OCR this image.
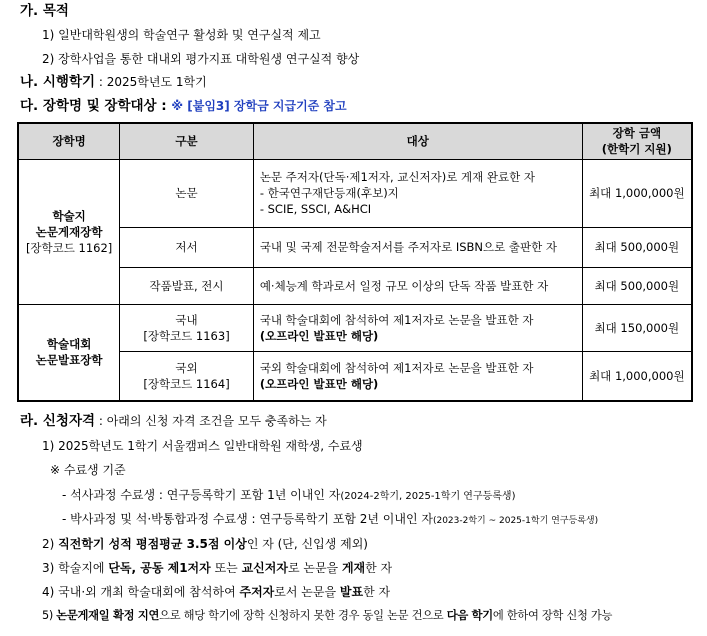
가. 목적
1) 일반대학원생의 학술연구 활성화 및 연구실적 제고
2) 장학사업을 통한 대내외 평가지표 대학원생 연구실적 향상
나. 시행학기 : 2025학년도 1학기
다. 장학명 및 장학대상 : ※ [붙임3] 장학금 지급기준 참고
장학명	구분	대상	장학 금액
(한학기 지원)
학술지
논문게재장학
[장학코드 1162]	논문	논문 주저자(단독·제1저자, 교신저자)로 게재 완료한 자
- 한국연구재단등재(후보)지
- SCIE, SSCI, A&HCI	최대 1,000,000원
	저서	국내 및 국제 전문학술저서를 주저자로 ISBN으로 출판한 자	최대 500,000원
	작품발표, 전시	예·체능계 학과로서 일정 규모 이상의 단독 작품 발표한 자	최대 500,000원
학술대회
논문발표장학	국내
[장학코드 1163]	국내 학술대회에 참석하여 제1저자로 논문을 발표한 자
(오프라인 발표만 해당)	최대 150,000원
	국외
[장학코드 1164]	국외 학술대회에 참석하여 제1저자로 논문을 발표한 자
(오프라인 발표만 해당)	최대 1,000,000원
라. 신청자격 : 아래의 신청 자격 조건을 모두 충족하는 자
1) 2025학년도 1학기 서울캠퍼스 일반대학원 재학생, 수료생
※ 수료생 기준
- 석사과정 수료생 : 연구등록학기 포함 1년 이내인 자(2024-2학기, 2025-1학기 연구등록생)
- 박사과정 및 석·박통합과정 수료생 : 연구등록학기 포함 2년 이내인 자(2023-2학기 ~ 2025-1학기 연구등록생)
2) 직전학기 성적 평점평균 3.5점 이상인 자 (단, 신입생 제외)
3) 학술지에 단독, 공동 제1저자 또는 교신저자로 논문을 게재한 자
4) 국내·외 개최 학술대회에 참석하여 주저자로서 논문을 발표한 자
5) 논문게재일 확정 지연으로 해당 학기에 장학 신청하지 못한 경우 동일 논문 건으로 다음 학기에 한하여 장학 신청 가능
